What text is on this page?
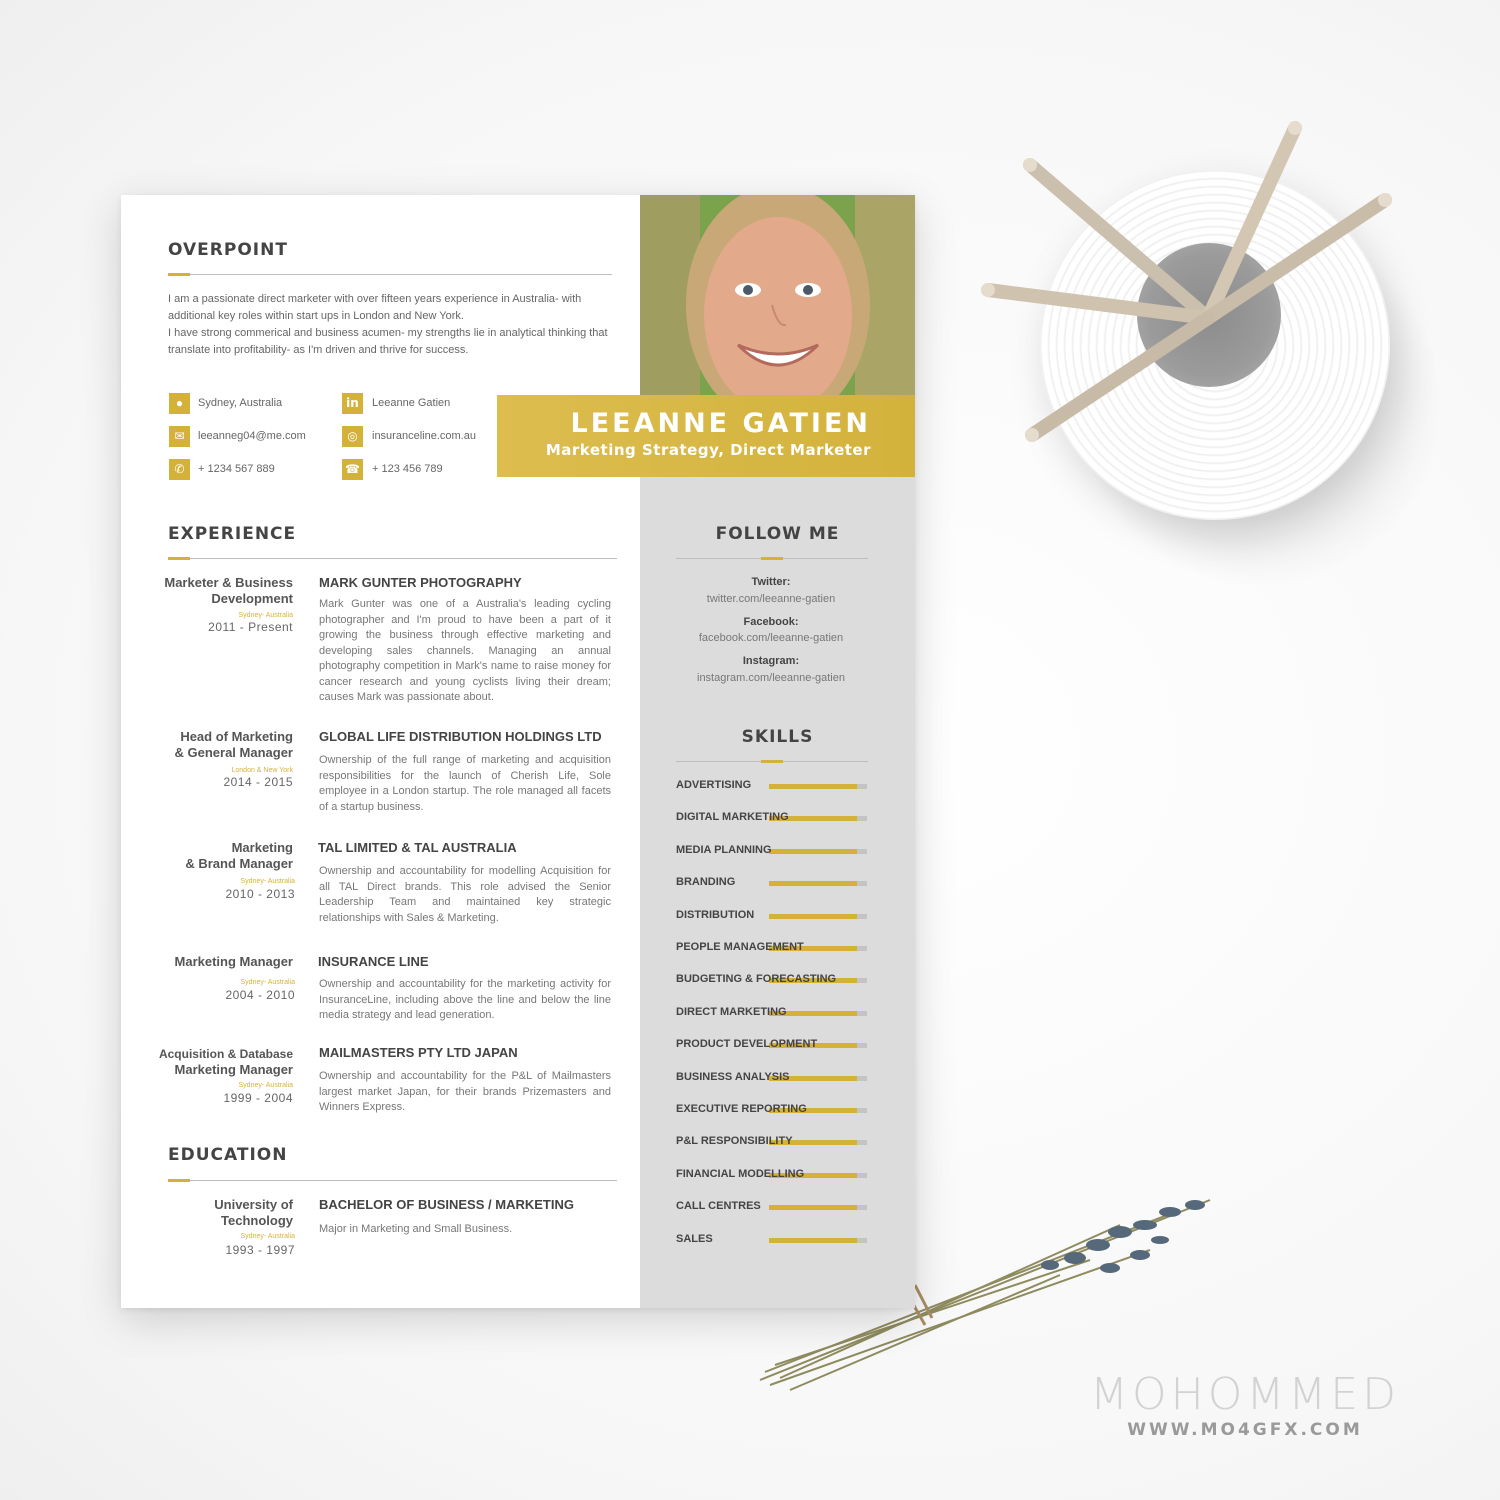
MOHOMMED
WWW.MO4GFX.COM
LEEANNE GATIEN
Marketing Strategy, Direct Marketer
OVERPOINT
I am a passionate direct marketer with over fifteen years experience in Australia- with additional key roles within start ups in London and New York.
I have strong commerical and business acumen- my strengths lie in analytical thinking that translate into profitability- as I'm driven and thrive for success.
●	Sydney, Australia
✉	leeanneg04@me.com
✆	+ 1234 567 889
in	Leeanne Gatien
◎	insuranceline.com.au
☎ + 123 456 789
EXPERIENCE
Marketer & Business
Development
Sydney- Australia
2011 - Present
MARK GUNTER PHOTOGRAPHY
Mark Gunter was one of a Australia's leading cycling photographer and I'm proud to have been a part of it growing the business through effective marketing and developing sales channels. Managing an annual photography competition in Mark's name to raise money for cancer research and young cyclists living their dream; causes Mark was passionate about.
Head of Marketing
& General Manager
London & New York
2014 - 2015
GLOBAL LIFE DISTRIBUTION HOLDINGS LTD
Ownership of the full range of marketing and acquisition responsibilities for the launch of Cherish Life, Sole employee in a London startup. The role managed all facets of a startup business.
Marketing
& Brand Manager
Sydney- Australia
2010 - 2013
TAL LIMITED & TAL AUSTRALIA
Ownership and accountability for modelling Acquisition for all TAL Direct brands. This role advised the Senior Leadership Team and maintained key strategic relationships with Sales & Marketing.
Marketing Manager
Sydney- Australia
2004 - 2010
INSURANCE LINE
Ownership and accountability for the marketing activity for InsuranceLine, including above the line and below the line media strategy and lead generation.
Acquisition & Database
Marketing Manager
Sydney- Australia
1999 - 2004
MAILMASTERS PTY LTD JAPAN
Ownership and accountability for the P&L of Mailmasters largest market Japan, for their brands Prizemasters and Winners Express.
EDUCATION
University of
Technology
Sydney- Australia
1993 - 1997
BACHELOR OF BUSINESS / MARKETING
Major in Marketing and Small Business.
FOLLOW ME
Twitter:
twitter.com/leeanne-gatien
Facebook:
facebook.com/leeanne-gatien
Instagram:
instagram.com/leeanne-gatien
SKILLS
ADVERTISING
DIGITAL MARKETING
MEDIA PLANNING
BRANDING
DISTRIBUTION
PEOPLE MANAGEMENT
BUDGETING & FORECASTING
DIRECT MARKETING
PRODUCT DEVELOPMENT
BUSINESS ANALYSIS
EXECUTIVE REPORTING
P&L RESPONSIBILITY
FINANCIAL MODELLING
CALL CENTRES
SALES
